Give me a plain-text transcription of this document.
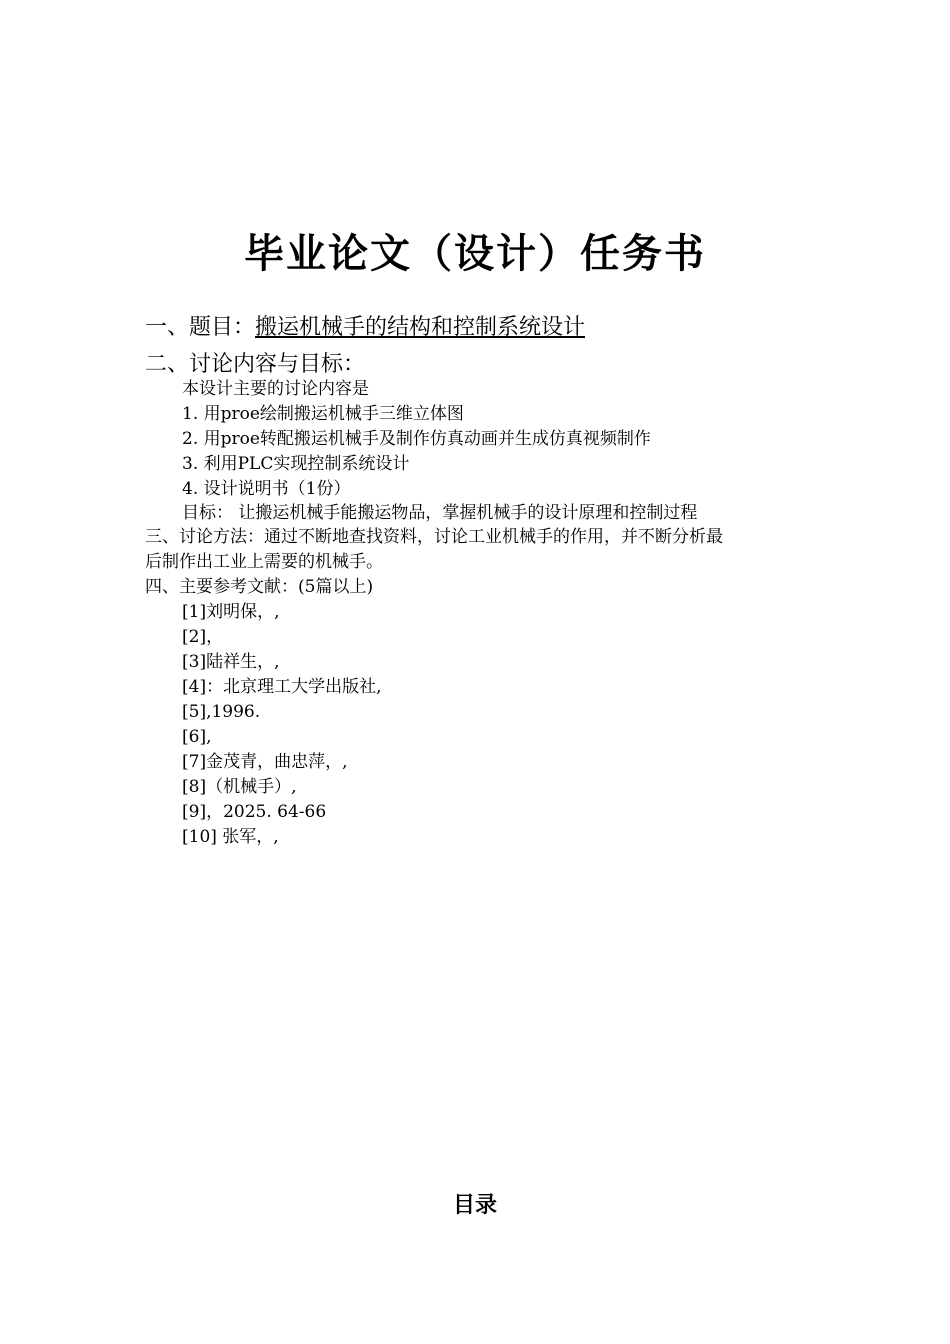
毕业论文（设计）任务书
一、题目：搬运机械手的结构和控制系统设计
二、讨论内容与目标：
本设计主要的讨论内容是
1. 用proe绘制搬运机械手三维立体图
2. 用proe转配搬运机械手及制作仿真动画并生成仿真视频制作
3. 利用PLC实现控制系统设计
4. 设计说明书（1份）
目标： 让搬运机械手能搬运物品，掌握机械手的设计原理和控制过程
三、讨论方法：通过不断地查找资料，讨论工业机械手的作用，并不断分析最
后制作出工业上需要的机械手。
四、主要参考文献：(5篇以上)
[1]刘明保，,
[2]，
[3]陆祥生，,
[4]：北京理工大学出版社,
[5],1996.
[6],
[7]金茂青，曲忠萍，,
[8]（机械手）,
[9]，2025. 64-66
[10] 张军，,
目录
